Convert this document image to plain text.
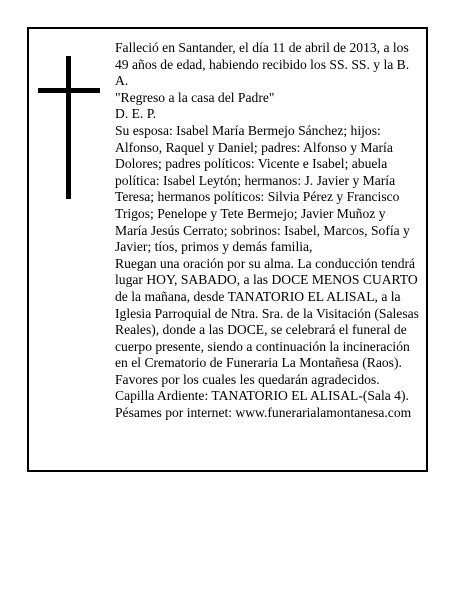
Falleció en Santander, el día 11 de abril de 2013, a los 49 años de edad, habiendo recibido los SS. SS. y la B. A.

"Regreso a la casa del Padre"

D. E. P.

Su esposa: Isabel María Bermejo Sánchez; hijos: Alfonso, Raquel y Daniel; padres: Alfonso y María Dolores; padres políticos: Vicente e Isabel; abuela política: Isabel Leytón; hermanos: J. Javier y María Teresa; hermanos políticos: Silvia Pérez y Francisco Trigos; Penelope y Tete Bermejo; Javier Muñoz y María Jesús Cerrato; sobrinos: Isabel, Marcos, Sofía y Javier; tíos, primos y demás familia,

Ruegan una oración por su alma. La conducción tendrá lugar HOY, SABADO, a las DOCE MENOS CUARTO de la mañana, desde TANATORIO EL ALISAL, a la Iglesia Parroquial de Ntra. Sra. de la Visitación (Salesas Reales), donde a las DOCE, se celebrará el funeral de cuerpo presente, siendo a continuación la incineración en el Crematorio de Funeraria La Montañesa (Raos).

Favores por los cuales les quedarán agradecidos.

Capilla Ardiente: TANATORIO EL ALISAL-(Sala 4).

Pésames por internet: www.funerarialamontanesa.com
